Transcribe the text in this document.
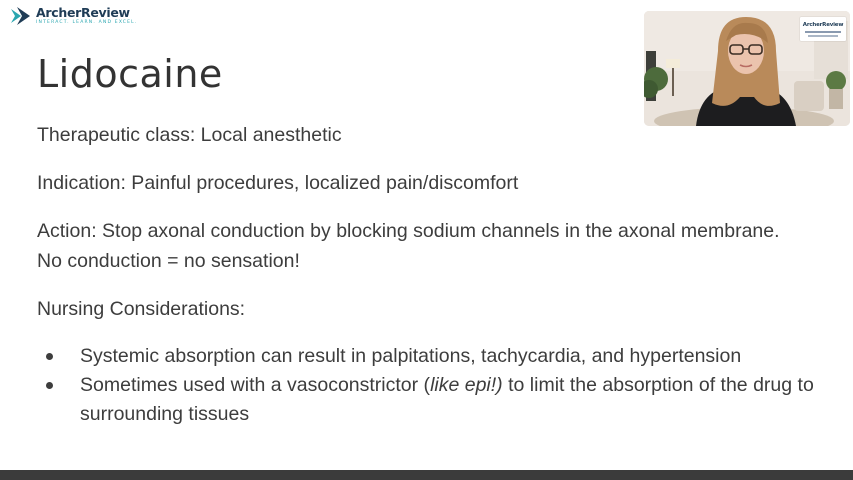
ArcherReview
INTERACT. LEARN. AND EXCEL.
Lidocaine

Therapeutic class: Local anesthetic

Indication: Painful procedures, localized pain/discomfort

Action: Stop axonal conduction by blocking sodium channels in the axonal membrane. No conduction = no sensation!

Nursing Considerations:

Systemic absorption can result in palpitations, tachycardia, and hypertension
Sometimes used with a vasoconstrictor (like epi!) to limit the absorption of the drug to surrounding tissues
ArcherReview
